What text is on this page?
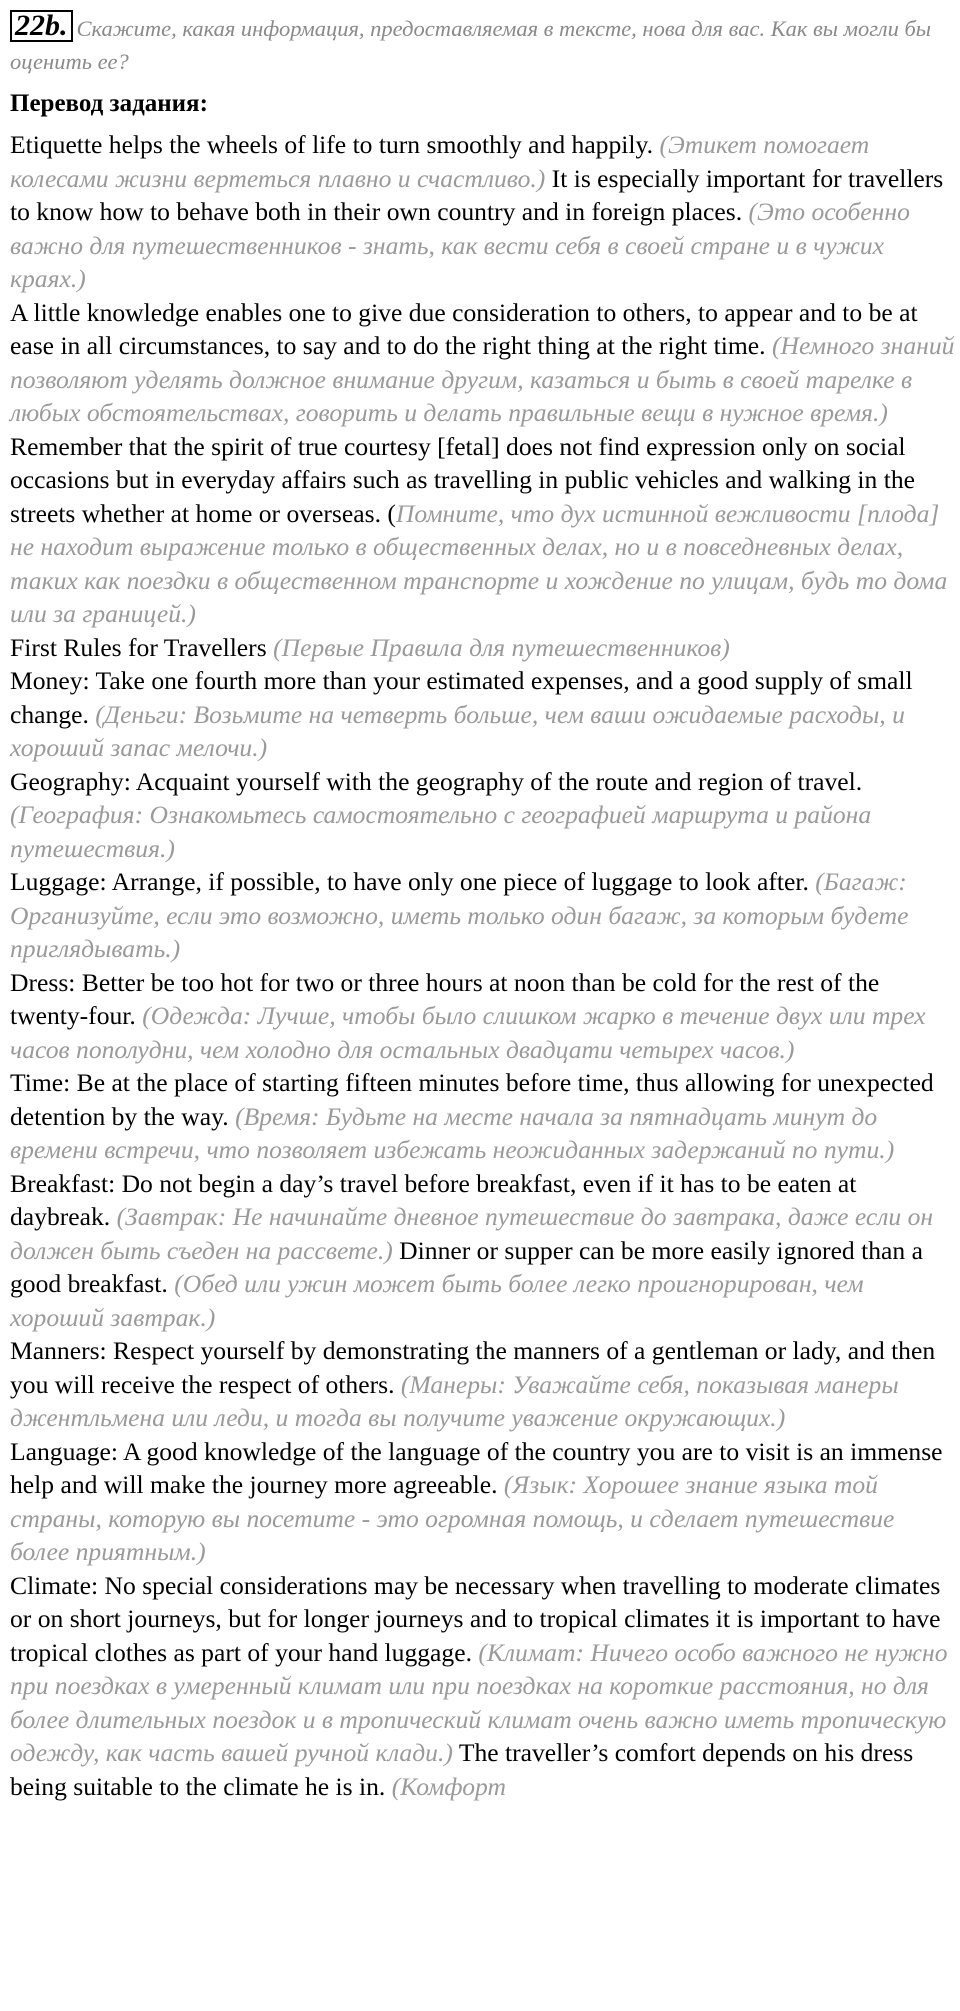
22b. Скажите, какая информация, предоставляемая в тексте, нова для вас. Как вы могли бы оценить ее?
Перевод задания:

Etiquette helps the wheels of life to turn smoothly and happily. (Этикет помогает колесами жизни вертеться плавно и счастливо.) It is especially important for travellers to know how to behave both in their own country and in foreign places. (Это особенно важно для путешественников - знать, как вести себя в своей стране и в чужих краях.)

A little knowledge enables one to give due consideration to others, to appear and to be at ease in all circumstances, to say and to do the right thing at the right time. (Немного знаний позволяют уделять должное внимание другим, казаться и быть в своей тарелке в любых обстоятельствах, говорить и делать правильные вещи в нужное время.)

Remember that the spirit of true courtesy [fetal] does not find expression only on social occasions but in everyday affairs such as travelling in public vehicles and walking in the streets whether at home or overseas. (Помните, что дух истинной вежливости [плода] не находит выражение только в общественных делах, но и в повседневных делах, таких как поездки в общественном транспорте и хождение по улицам, будь то дома или за границей.)

First Rules for Travellers (Первые Правила для путешественников)

Money: Take one fourth more than your estimated expenses, and a good supply of small change. (Деньги: Возьмите на четверть больше, чем ваши ожидаемые расходы, и хороший запас мелочи.)

Geography: Acquaint yourself with the geography of the route and region of travel. (География: Ознакомьтесь самостоятельно с географией маршрута и района путешествия.)

Luggage: Arrange, if possible, to have only one piece of luggage to look after. (Багаж: Организуйте, если это возможно, иметь только один багаж, за которым будете приглядывать.)

Dress: Better be too hot for two or three hours at noon than be cold for the rest of the twenty-four. (Одежда: Лучше, чтобы было слишком жарко в течение двух или трех часов пополудни, чем холодно для остальных двадцати четырех часов.)

Time: Be at the place of starting fifteen minutes before time, thus allowing for unexpected detention by the way. (Время: Будьте на месте начала за пятнадцать минут до времени встречи, что позволяет избежать неожиданных задержаний по пути.)

Breakfast: Do not begin a day’s travel before breakfast, even if it has to be eaten at daybreak. (Завтрак: Не начинайте дневное путешествие до завтрака, даже если он должен быть съеден на рассвете.) Dinner or supper can be more easily ignored than a good breakfast. (Обед или ужин может быть более легко проигнорирован, чем хороший завтрак.)

Manners: Respect yourself by demonstrating the manners of a gentleman or lady, and then you will receive the respect of others. (Манеры: Уважайте себя, показывая манеры джентльмена или леди, и тогда вы получите уважение окружающих.)

Language: A good knowledge of the language of the country you are to visit is an immense help and will make the journey more agreeable. (Язык: Хорошее знание языка той страны, которую вы посетите - это огромная помощь, и сделает путешествие более приятным.)

Climate: No special considerations may be necessary when travelling to moderate climates or on short journeys, but for longer journeys and to tropical climates it is important to have tropical clothes as part of your hand luggage. (Климат: Ничего особо важного не нужно при поездках в умеренный климат или при поездках на короткие расстояния, но для более длительных поездок и в тропический климат очень важно иметь тропическую одежду, как часть вашей ручной клади.) The traveller’s comfort depends on his dress being suitable to the climate he is in. (Комфорт
